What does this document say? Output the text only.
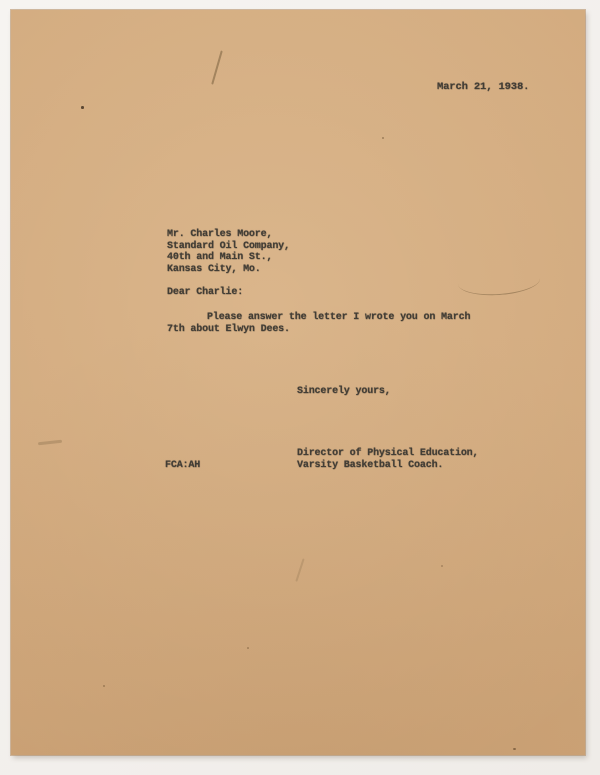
March 21, 1938.
Mr. Charles Moore,
Standard Oil Company,
40th and Main St.,
Kansas City, Mo.
Dear Charlie:
Please answer the letter I wrote you on March
7th about Elwyn Dees.
Sincerely yours,
Director of Physical Education,
Varsity Basketball Coach.
FCA:AH
